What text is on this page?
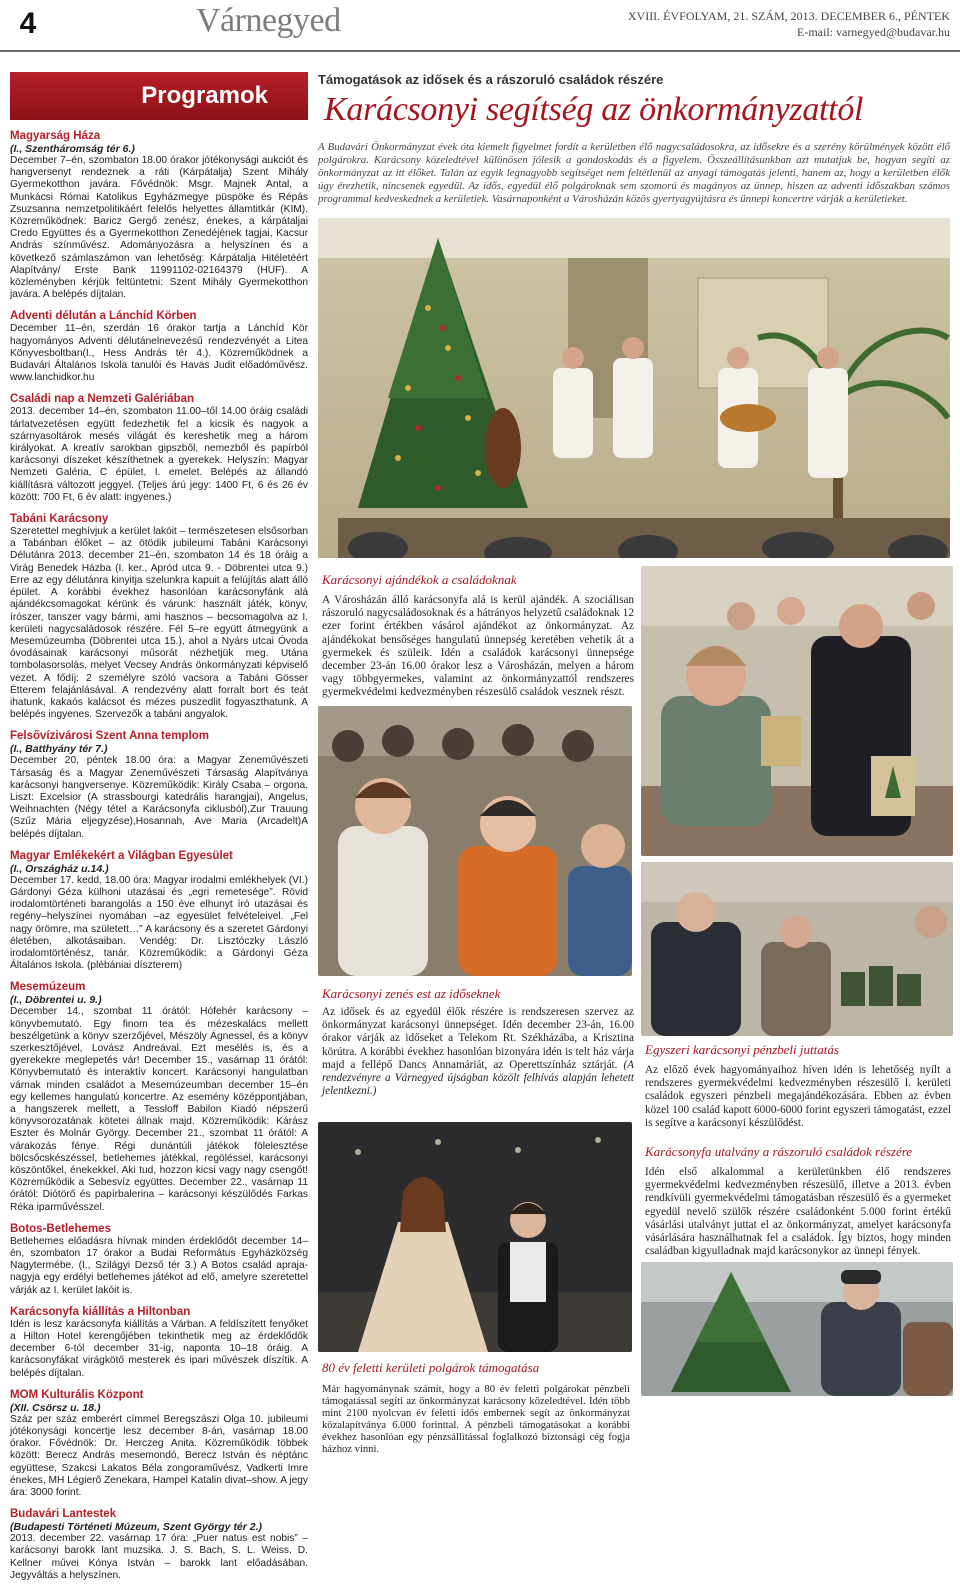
4	Várnegyed	XVIII. ÉVFOLYAM, 21. SZÁM, 2013. DECEMBER 6., PÉNTEK
E-mail: varnegyed@budavar.hu
Programok
Magyarság Háza
(I., Szentháromság tér 6.)

December 7–én, szombaton 18.00 órakor jótékonysági aukciót és hangversenyt rendeznek a ráti (Kárpátalja) Szent Mihály Gyermekotthon javára. Fővédnök: Msgr. Majnek Antal, a Munkácsi Római Katolikus Egyházmegye püspöke és Répás Zsuzsanna nemzetpolitikáért felelős helyettes államtitkár (KIM). Közreműködnek: Baricz Gergő zenész, énekes, a kárpátaljai Credo Együttes és a Gyermekotthon Zenedéjének tagjai, Kacsur András színművész. Adományozásra a helyszínen és a következő számlaszámon van lehetőség: Kárpátalja Hitéletéért Alapítvány/ Erste Bank 11991102-02164379 (HUF). A közleményben kérjük feltüntetni: Szent Mihály Gyermekotthon javára. A belépés díjtalan.

Adventi délután a Lánchíd Körben

December 11–én, szerdán 16 órakor tartja a Lánchíd Kör hagyományos Adventi délutánelnevezésű rendezvényét a Litea Könyvesboltban(I., Hess András tér 4.). Közreműködnek a Budavári Általános Iskola tanulói és Havas Judit előadóművész. www.lanchidkor.hu

Családi nap a Nemzeti Galériában

2013. december 14–én, szombaton 11.00–től 14.00 óráig családi tárlatvezetésen együtt fedezhetik fel a kicsik és nagyok a szárnyasoltárok mesés világát és kereshetik meg a három királyokat. A kreatív sarokban gipszből, nemezből és papírból karácsonyi díszeket készíthetnek a gyerekek. Helyszín: Magyar Nemzeti Galéria, C épület, I. emelet. Belépés az állandó kiállításra változott jeggyel. (Teljes árú jegy: 1400 Ft, 6 és 26 év között: 700 Ft, 6 év alatt: ingyenes.)

Tabáni Karácsony

Szeretettel meghívjuk a kerület lakóit – természetesen elsősorban a Tabánban élőket – az ötödik jubileumi Tabáni Karácsonyi Délutánra 2013. december 21–én, szombaton 14 és 18 óráig a Virág Benedek Házba (I. ker., Apród utca 9. - Döbrentei utca 9.) Erre az egy délutánra kinyitja szelunkra kapuit a felújítás alatt álló épület. A korábbi évekhez hasonlóan karácsonyfánk alá ajándékcsomagokat kérünk és várunk: használt játék, könyv, írószer, tanszer vagy bármi, ami hasznos – becsomagolva az I. kerületi nagycsaládosok részére. Fél 5–re együtt átmegyünk a Mesemúzeumba (Döbrentei utca 15.), ahol a Nyárs utcai Óvoda óvodásainak karácsonyi műsorát nézhetjük meg. Utána tombolasorsolás, melyet Vecsey András önkormányzati képviselő vezet. A fődíj: 2 személyre szóló vacsora a Tabáni Gösser Étterem felajánlásával. A rendezvény alatt forralt bort és teát ihatunk, kakaós kalácsot és mézes puszedlit fogyaszthatunk. A belépés ingyenes. Szervezők a tabáni angyalok.

Felsővízivárosi Szent Anna templom
(I., Batthyány tér 7.)

December 20, péntek 18.00 óra: a Magyar Zeneművészeti Társaság és a Magyar Zeneművészeti Társaság Alapítványa karácsonyi hangversenye. Közreműködik: Király Csaba – orgona. Liszt: Excelsior (A strassbourgi katedrális harangjai), Angelus, Weihnachten (Négy tétel a Karácsonyfa ciklusból),Zur Trauung (Szűz Mária eljegyzése),Hosannah, Ave Maria (Arcadelt)A belépés díjtalan.

Magyar Emlékekért a Világban Egyesület
(I., Országház u.14.)

December 17. kedd, 18.00 óra: Magyar irodalmi emlékhelyek (VI.) Gárdonyi Géza külhoni utazásai és „egri remetesége”. Rövid irodalomtörténeti barangolás a 150 éve elhunyt író utazásai és regény–helyszínei nyomában –az egyesület felvételeivel. „Fel nagy örömre, ma született…” A karácsony és a szeretet Gárdonyi életében, alkotásaiban. Vendég: Dr. Lisztóczky László irodalomtörténész, tanár. Közreműködik: a Gárdonyi Géza Általános Iskola. (plébániai díszterem)

Mesemúzeum
(I., Döbrentei u. 9.)

December 14., szombat 11 órától: Hófehér karácsony – könyvbemutató. Egy finom tea és mézeskalács mellett beszélgetünk a könyv szerzőjével, Mészöly Ágnessel, és a könyv szerkesztőjével, Lovász Andreával. Ezt mesélés is, és a gyerekekre meglepetés vár! December 15., vasárnap 11 órától: Könyvbemutató és interaktív koncert. Karácsonyi hangulatban várnak minden családot a Mesemúzeumban december 15–én egy kellemes hangulatú koncertre. Az esemény középpontjában, a hangszerek mellett, a Tessloff Babilon Kiadó népszerű könyvsorozatának kötetei állnak majd. Közreműködik: Kárász Eszter és Molnár György. December 21., szombat 11 órától: A várakozás fénye. Régi dunántúli játékok fölelesztése bölcsőcskészéssel, betlehemes játékkal, regöléssel, karácsonyi köszöntőkel, énekekkel. Aki tud, hozzon kicsi vagy nagy csengőt! Közreműködik a Sebesvíz együttes. December 22., vasárnap 11 órától: Diótörő és papírbalerina – karácsonyi készülődés Farkas Réka iparművésszel.

Botos-Betlehemes

Betlehemes előadásra hívnak minden érdeklődőt december 14–én, szombaton 17 órakor a Budai Református Egyházközség Nagytermébe. (I., Szilágyi Dezső tér 3.) A Botos család apraja-nagyja egy erdélyi betlehemes játékot ad elő, amelyre szeretettel várják az I. kerület lakóit is.

Karácsonyfa kiállítás a Hiltonban

Idén is lesz karácsonyfa kiállítás a Várban. A feldíszített fenyőket a Hilton Hotel kerengőjében tekinthetik meg az érdeklődők december 6-tól december 31-ig, naponta 10–18 óráig. A karácsonyfákat virágkötő mesterek és ipari művészek díszítik. A belépés díjtalan.

MOM Kulturális Központ
(XII. Csörsz u. 18.)

Száz per száz emberért címmel Beregszászi Olga 10. jubileumi jótékonysági koncertje lesz december 8-án, vasárnap 18.00 órakor. Fővédnök: Dr. Herczeg Anita. Közreműködik többek között: Berecz András mesemondó, Berecz István és néptánc együttese, Szakcsi Lakatos Béla zongoraművész, Vadkerti Imre énekes, MH Légierő Zenekara, Hampel Katalin divat–show. A jegy ára: 3000 forint.

Budavári Lantestek
(Budapesti Történeti Múzeum, Szent György tér 2.)

2013. december 22. vasárnap 17 óra: „Puer natus est nobis” – karácsonyi barokk lant muzsika. J. S. Bach, S. L. Weiss, D. Kellner művei Kónya István – barokk lant előadásában. Jegyváltás a helyszínen.

Támogatások az idősek és a rászoruló családok részére
Karácsonyi segítség az önkormányzattól

A Budavári Önkormányzat évek óta kiemelt figyelmet fordít a kerületben élő nagycsaládosokra, az idősekre és a szerény körülmények között élő polgárokra. Karácsony közeledtével különösen jólesik a gondoskodás és a figyelem. Összeállításunkban azt mutatjuk be, hogyan segíti az önkormányzat az itt élőket. Talán az egyik legnagyobb segítséget nem feltétlenül az anyagi támogatás jelenti, hanem az, hogy a kerületben élők úgy érezhetik, nincsenek egyedül. Az idős, egyedül élő polgároknak sem szomorú és magányos az ünnep, hiszen az adventi időszakban számos programmal kedveskednek a kerületiek. Vasárnaponként a Városházán közös gyertyagyújtásra és ünnepi koncertre várják a kerületieket.

Karácsonyi ajándékok a családoknak

A Városházán álló karácsonyfa alá is kerül ajándék. A szociálisan rászoruló nagycsaládosoknak és a hátrányos helyzetű családoknak 12 ezer forint értékben vásárol ajándékot az önkormányzat. Az ajándékokat bensőséges hangulatú ünnepség keretében vehetik át a gyermekek és szüleik. Idén a családok karácsonyi ünnepsége december 23-án 16.00 órakor lesz a Városházán, melyen a három vagy többgyermekes, valamint az önkormányzattól rendszeres gyermekvédelmi kedvezményben részesülő családok vesznek részt.

Karácsonyi zenés est az időseknek

Az idősek és az egyedül élők részére is rendszeresen szervez az önkormányzat karácsonyi ünnepséget. Idén december 23-án, 16.00 órakor várják az időseket a Telekom Rt. Székházába, a Krisztina körútra. A korábbi évekhez hasonlóan bizonyára idén is telt ház várja majd a fellépő Dancs Annamáriát, az Operettszínház sztárját. (A rendezvényre a Várnegyed újságban közölt felhívás alapján lehetett jelentkezni.)

Egyszeri karácsonyi pénzbeli juttatás

Az előző évek hagyományaihoz híven idén is lehetőség nyílt a rendszeres gyermekvédelmi kedvezményben részesülő I. kerületi családok egyszeri pénzbeli megajándékozására. Ebben az évben közel 100 család kapott 6000-6000 forint egyszeri támogatást, ezzel is segítve a karácsonyi készülődést.

Karácsonyfa utalvány a rászoruló családok részére

Idén első alkalommal a kerületünkben élő rendszeres gyermekvédelmi kedvezményben részesülő, illetve a 2013. évben rendkívüli gyermekvédelmi támogatásban részesülő és a gyermeket egyedül nevelő szülők részére családonként 5.000 forint értékű vásárlási utalványt juttat el az önkormányzat, amelyet karácsonyfa vásárlására használhatnak fel a családok. Így biztos, hogy minden családban kigyulladnak majd karácsonykor az ünnepi fények.

80 év feletti kerületi polgárok támogatása

Már hagyománynak számít, hogy a 80 év feletti polgárokat pénzbeli támogatással segíti az önkormányzat karácsony közeledtével. Idén több mint 2100 nyolcvan év feletti idős embernek segít az önkormányzat közalapítványa 6.000 forinttal. A pénzbeli támogatásokat a korábbi évekhez hasonlóan egy pénzsállítással foglalkozó biztonsági cég fogja házhoz vinni.
